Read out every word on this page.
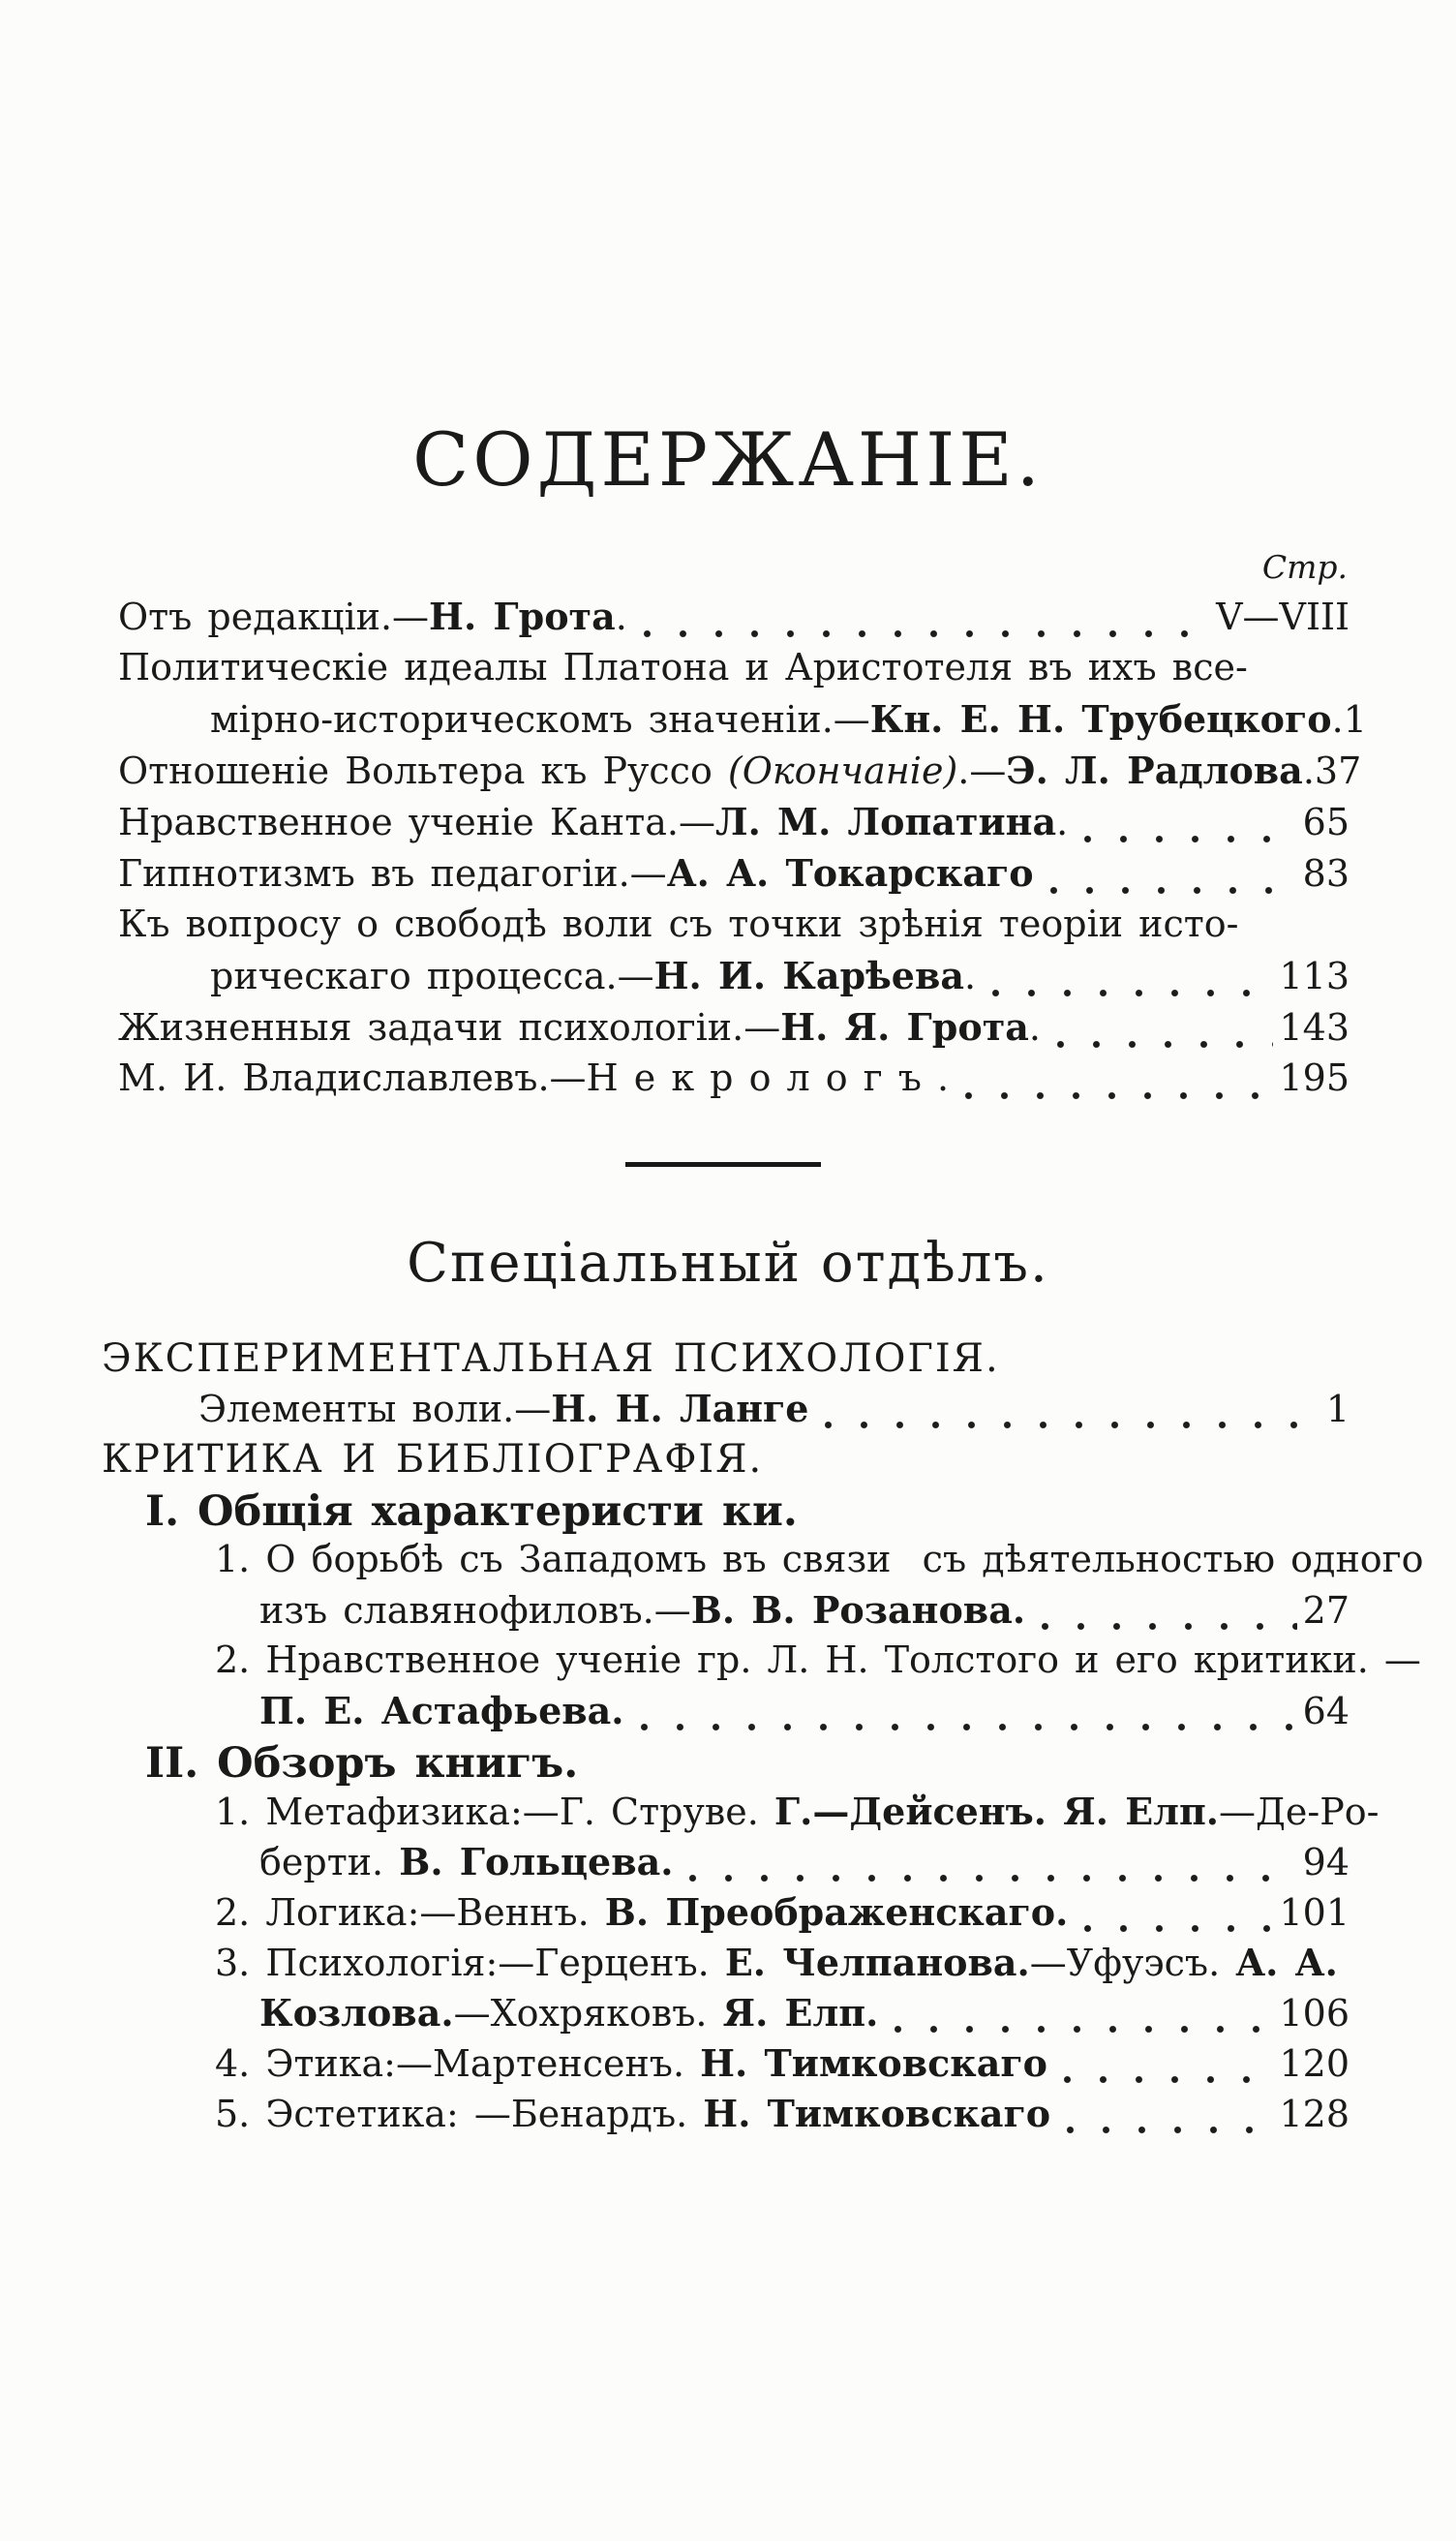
СОДЕРЖАНІЕ.
Стр.
Отъ редакціи.—Н. Грота.	V—VIII
Политическіе идеалы Платона и Аристотеля въ ихъ все-
мірно-историческомъ значеніи.—Кн. Е. Н. Трубецкого. 1
Отношеніе Вольтера къ Руссо (Окончаніе).—Э. Л. Радлова. 37
Нравственное ученіе Канта.—Л. М. Лопатина.	65
Гипнотизмъ въ педагогіи.—А. А. Токарскаго	83
Къ вопросу о свободѣ воли съ точки зрѣнія теоріи исто-
рическаго процесса.—Н. И. Карѣева.	113
Жизненныя задачи психологіи.—Н. Я. Грота.	143
М. И. Владиславлевъ.—Н е к р о л о г ъ .	195
Спеціальный отдѣлъ.
ЭКСПЕРИМЕНТАЛЬНАЯ ПСИХОЛОГІЯ.
Элементы воли.—Н. Н. Ланге	1
КРИТИКА И БИБЛІОГРАФІЯ.
I. Общія характеристи ки.
1. О борьбѣ съ Западомъ въ связи  съ дѣятельностью одного
изъ славянофиловъ.—В. В. Розанова.	27
2. Нравственное ученіе гр. Л. Н. Толстого и его критики. —
П. Е. Астафьева.	64
II. Обзоръ книгъ.
1. Метафизика:—Г. Струве. Г.—Дейсенъ. Я. Елп.—Де-Ро-
берти. В. Гольцева.	94
2. Логика:—Веннъ. В. Преображенскаго.	101
3. Психологія:—Герценъ. Е. Челпанова.—Уфуэсъ. А. А.
Козлова.—Хохряковъ. Я. Елп.	106
4. Этика:—Мартенсенъ. Н. Тимковскаго	120
5. Эстетика: —Бенардъ. Н. Тимковскаго	128
